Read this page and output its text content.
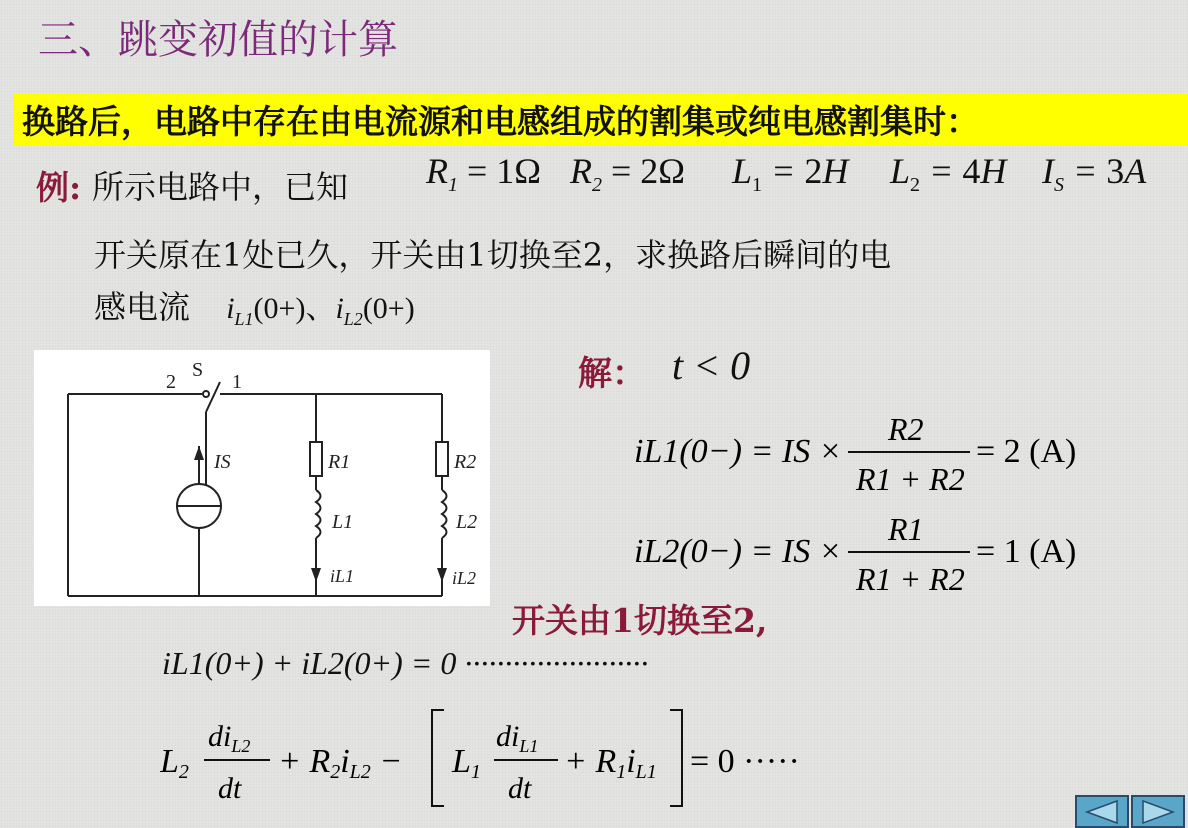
三、跳变初值的计算
换路后，电路中存在由电流源和电感组成的割集或纯电感割集时：
例: 所示电路中，已知 $R_1 = 1\Omega$ $R_2 = 2\Omega$ $L_1 = 2H$ $L_2 = 4H$ $I_S = 3A$
开关原在1处已久，开关由1切换至2，求换路后瞬间的电
感电流 $i_{L1}(0+)$、$i_{L2}(0+)$
2
S
1
IS	R1	R2
L1	L2
iL1	iL2
解： t < 0
iL1(0−) = IS ×
R2
R1 + R2
= 2 (A)
iL2(0−) = IS ×
R1
R1 + R2
= 1 (A)
开关由1切换至2,
iL1(0+) + iL2(0+) = 0 ·······················
L2
$di_{L2}$
dt
+ R2iL2 − L1
$di_{L1}$
dt
+ R1iL1 = 0 ·····
